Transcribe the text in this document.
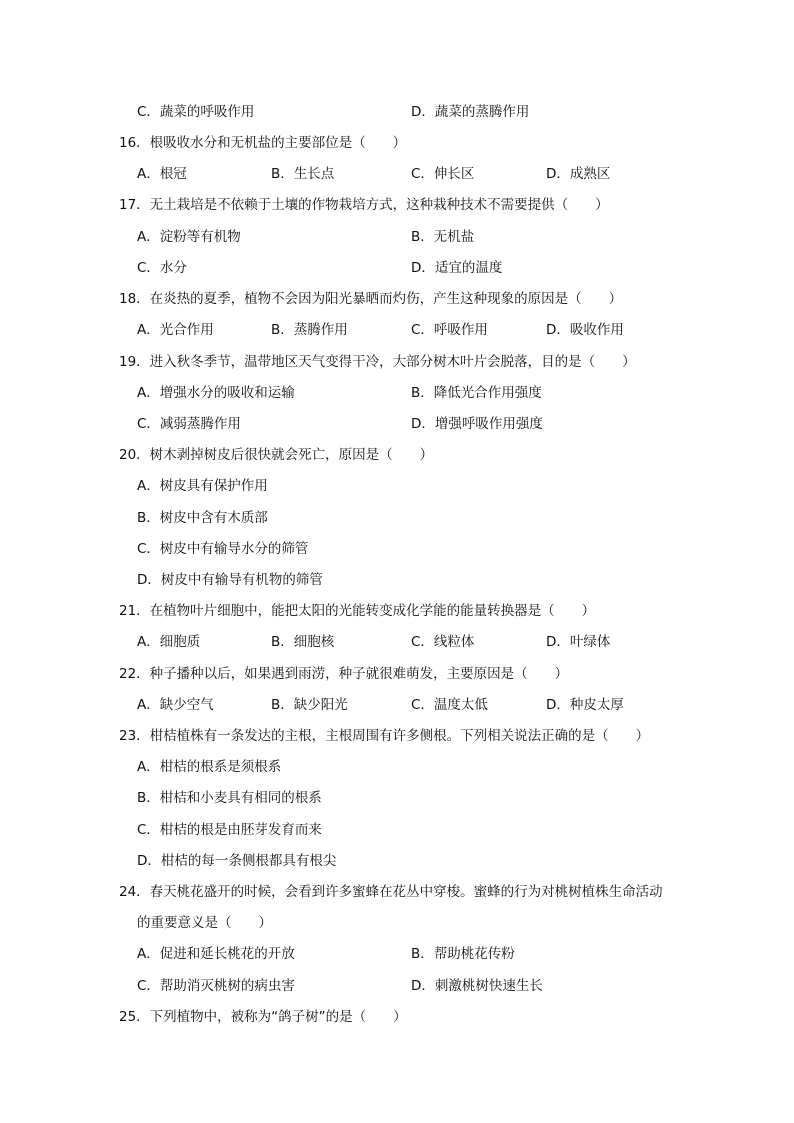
C．蔬菜的呼吸作用	D．蔬菜的蒸腾作用
16．根吸收水分和无机盐的主要部位是（　　）
A．根冠	B．生长点	C．伸长区	D．成熟区
17．无土栽培是不依赖于土壤的作物栽培方式，这种栽种技术不需要提供（　　）
A．淀粉等有机物	B．无机盐
C．水分	D．适宜的温度
18．在炎热的夏季，植物不会因为阳光暴晒而灼伤，产生这种现象的原因是（　　）
A．光合作用	B．蒸腾作用	C．呼吸作用	D．吸收作用
19．进入秋冬季节，温带地区天气变得干冷，大部分树木叶片会脱落，目的是（　　）
A．增强水分的吸收和运输	B．降低光合作用强度
C．减弱蒸腾作用	D．增强呼吸作用强度
20．树木剥掉树皮后很快就会死亡，原因是（　　）
A．树皮具有保护作用
B．树皮中含有木质部
C．树皮中有输导水分的筛管
D．树皮中有输导有机物的筛管
21．在植物叶片细胞中，能把太阳的光能转变成化学能的能量转换器是（　　）
A．细胞质	B．细胞核	C．线粒体	D．叶绿体
22．种子播种以后，如果遇到雨涝，种子就很难萌发，主要原因是（　　）
A．缺少空气	B．缺少阳光	C．温度太低	D．种皮太厚
23．柑桔植株有一条发达的主根，主根周围有许多侧根。下列相关说法正确的是（　　）
A．柑桔的根系是须根系
B．柑桔和小麦具有相同的根系
C．柑桔的根是由胚芽发育而来
D．柑桔的每一条侧根都具有根尖
24．春天桃花盛开的时候，会看到许多蜜蜂在花丛中穿梭。蜜蜂的行为对桃树植株生命活动
的重要意义是（　　）
A．促进和延长桃花的开放	B．帮助桃花传粉
C．帮助消灭桃树的病虫害	D．刺激桃树快速生长
25．下列植物中，被称为“鸽子树”的是（　　）
